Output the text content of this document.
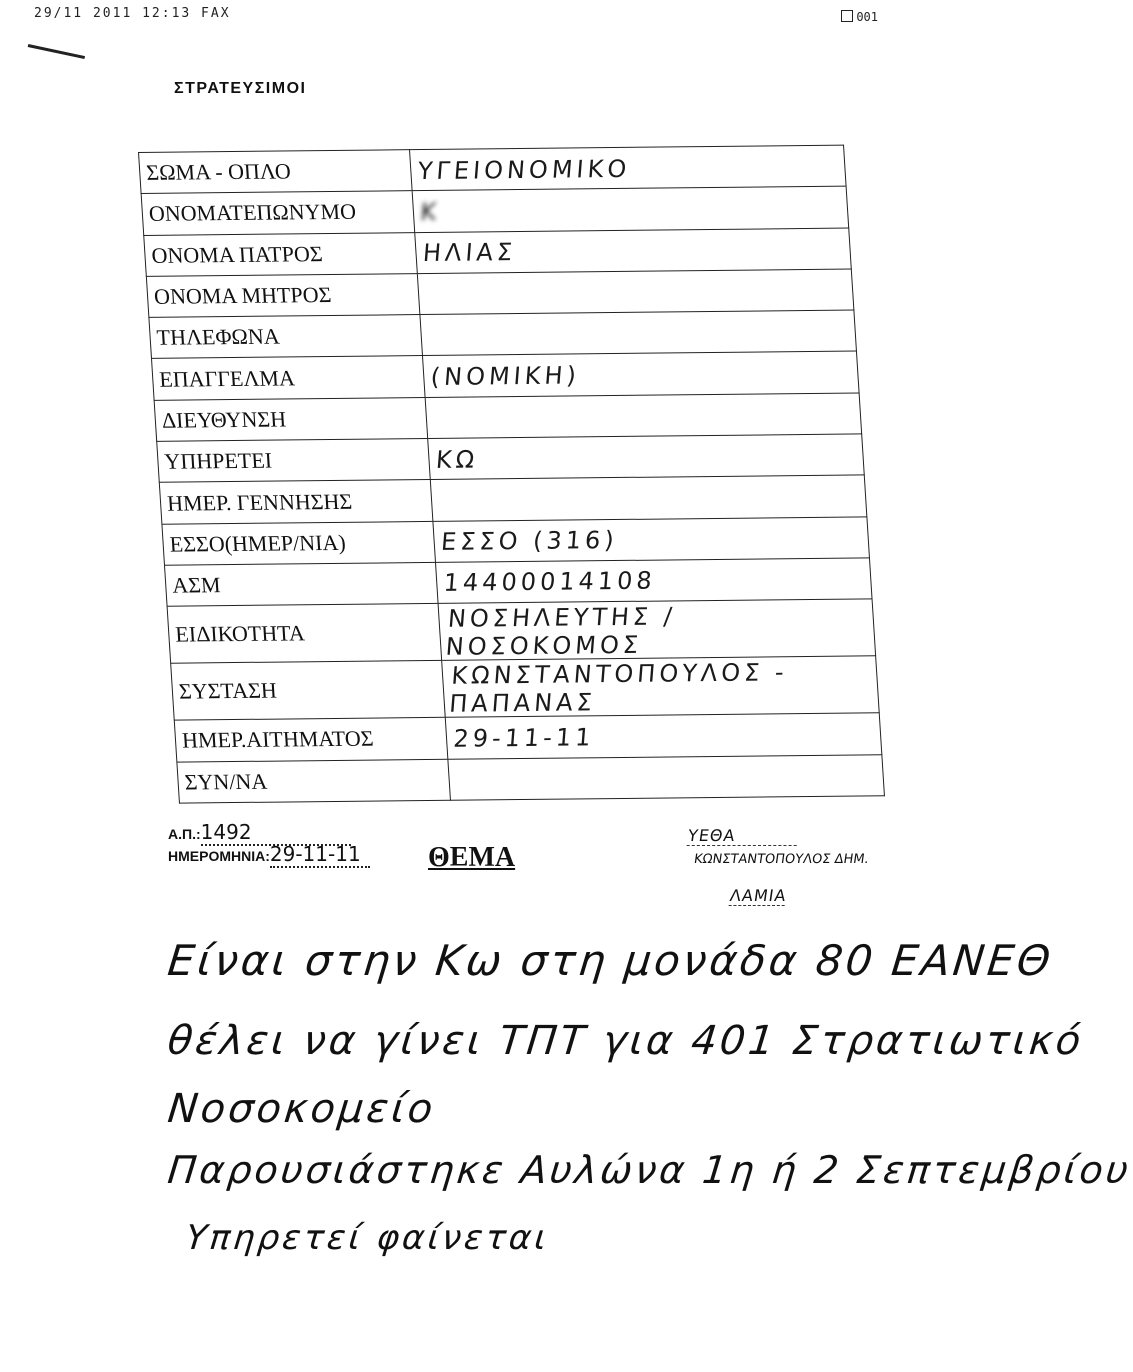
29/11 2011 12:13 FAX	001
ΣΤΡΑΤΕΥΣΙΜΟΙ
ΣΩΜΑ - ΟΠΛΟ	ΥΓΕΙΟΝΟΜΙΚΟ
ΟΝΟΜΑΤΕΠΩΝΥΜΟ	Κ
ΟΝΟΜΑ ΠΑΤΡΟΣ	ΗΛΙΑΣ
ΟΝΟΜΑ ΜΗΤΡΟΣ	
ΤΗΛΕΦΩΝΑ	
ΕΠΑΓΓΕΛΜΑ	(ΝΟΜΙΚΗ)
ΔΙΕΥΘΥΝΣΗ	
ΥΠΗΡΕΤΕΙ	ΚΩ
ΗΜΕΡ. ΓΕΝΝΗΣΗΣ	
ΕΣΣΟ(ΗΜΕΡ/ΝΙΑ)	ΕΣΣΟ (316)
ΑΣΜ	14400014108
ΕΙΔΙΚΟΤΗΤΑ	ΝΟΣΗΛΕΥΤΗΣ /ΝΟΣΟΚΟΜΟΣ
ΣΥΣΤΑΣΗ	ΚΩΝΣΤΑΝΤΟΠΟΥΛΟΣ - ΠΑΠΑΝΑΣ
ΗΜΕΡ.ΑΙΤΗΜΑΤΟΣ	29-11-11
ΣΥΝ/ΝΑ	
Α.Π.:1492
ΗΜΕΡΟΜΗΝΙΑ:29-11-11	ΘΕΜΑ
ΥΕΘΑ
ΚΩΝΣΤΑΝΤΟΠΟΥΛΟΣ ΔΗΜ.
ΛΑΜΙΑ
Είναι στην Κω στη μονάδα 80 ΕΑΝΕΘ
θέλει να γίνει ΤΠΤ για 401 Στρατιωτικό
Νοσοκομείο
Παρουσιάστηκε Αυλώνα 1η ή 2 Σεπτεμβρίου
Υπηρετεί φαίνεται
